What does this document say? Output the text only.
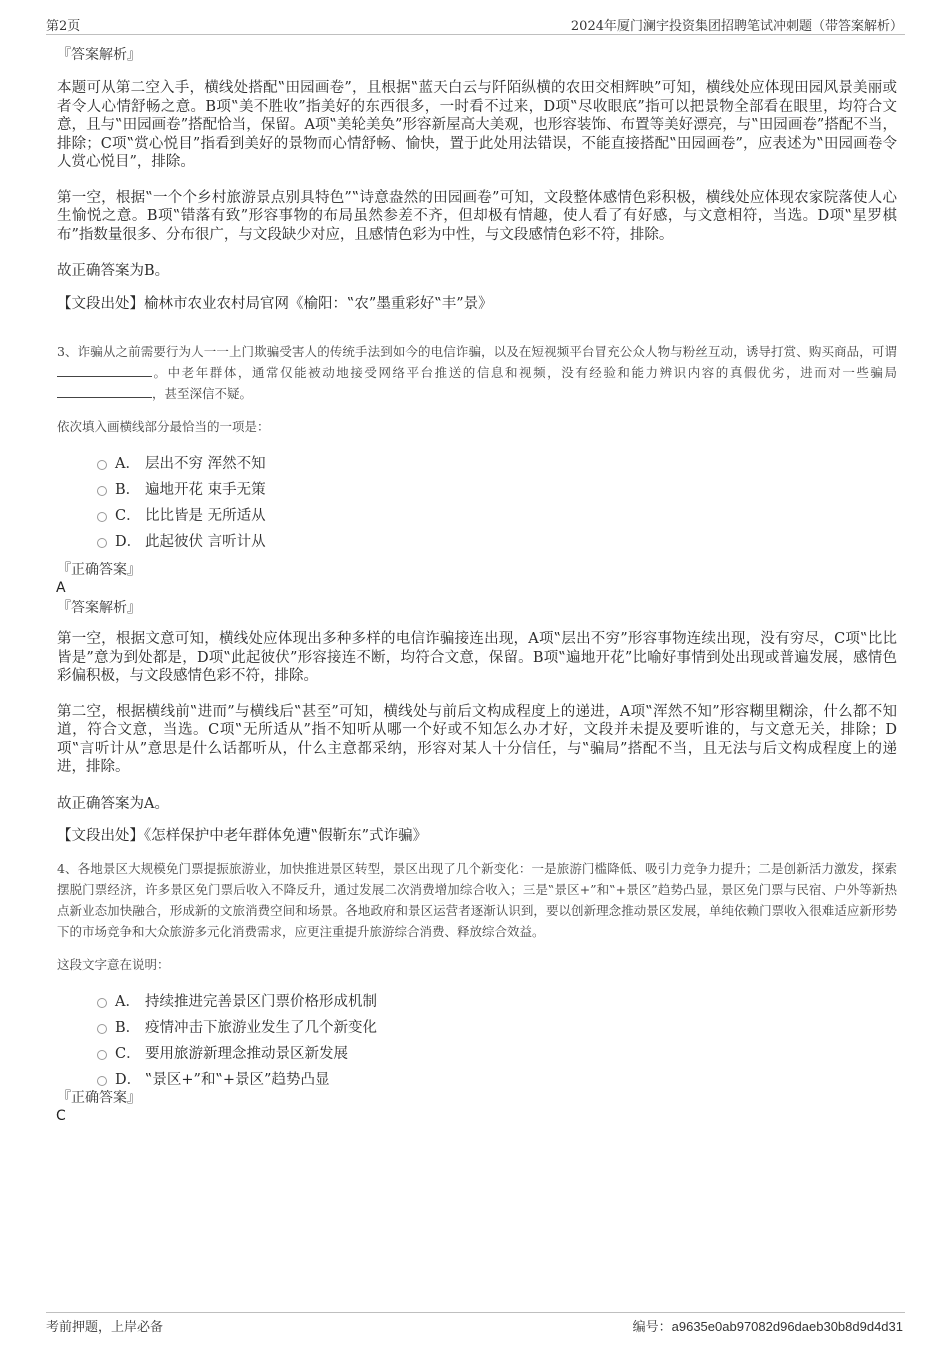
第2页	2024年厦门澜宇投资集团招聘笔试冲刺题（带答案解析）
『答案解析』

本题可从第二空入手，横线处搭配‟田园画卷”，且根据‟蓝天白云与阡陌纵横的农田交相辉映”可知，横线处应体现田园风景美丽或者令人心情舒畅之意。B项‟美不胜收”指美好的东西很多，一时看不过来，D项‟尽收眼底”指可以把景物全部看在眼里，均符合文意，且与‟田园画卷”搭配恰当，保留。A项‟美轮美奂”形容新屋高大美观，也形容装饰、布置等美好漂亮，与‟田园画卷”搭配不当，排除；C项‟赏心悦目”指看到美好的景物而心情舒畅、愉快，置于此处用法错误，不能直接搭配‟田园画卷”，应表述为‟田园画卷令人赏心悦目”，排除。

第一空，根据‟一个个乡村旅游景点别具特色”‟诗意盎然的田园画卷”可知，文段整体感情色彩积极，横线处应体现农家院落使人心生愉悦之意。B项‟错落有致”形容事物的布局虽然参差不齐，但却极有情趣，使人看了有好感，与文意相符，当选。D项‟星罗棋布”指数量很多、分布很广，与文段缺少对应，且感情色彩为中性，与文段感情色彩不符，排除。

故正确答案为B。

【文段出处】榆林市农业农村局官网《榆阳：‟农”墨重彩好‟丰”景》

3、诈骗从之前需要行为人一一上门欺骗受害人的传统手法到如今的电信诈骗，以及在短视频平台冒充公众人物与粉丝互动，诱导打赏、购买商品，可谓。中老年群体，通常仅能被动地接受网络平台推送的信息和视频，没有经验和能力辨识内容的真假优劣，进而对一些骗局，甚至深信不疑。

依次填入画横线部分最恰当的一项是：

A． 层出不穷 浑然不知
B． 遍地开花 束手无策
C． 比比皆是 无所适从
D． 此起彼伏 言听计从
『正确答案』
A
『答案解析』

第一空，根据文意可知，横线处应体现出多种多样的电信诈骗接连出现，A项‟层出不穷”形容事物连续出现，没有穷尽，C项‟比比皆是”意为到处都是，D项‟此起彼伏”形容接连不断，均符合文意，保留。B项‟遍地开花”比喻好事情到处出现或普遍发展，感情色彩偏积极，与文段感情色彩不符，排除。

第二空，根据横线前‟进而”与横线后‟甚至”可知，横线处与前后文构成程度上的递进，A项‟浑然不知”形容糊里糊涂，什么都不知道，符合文意，当选。C项‟无所适从”指不知听从哪一个好或不知怎么办才好，文段并未提及要听谁的，与文意无关，排除；D项‟言听计从”意思是什么话都听从，什么主意都采纳，形容对某人十分信任，与‟骗局”搭配不当，且无法与后文构成程度上的递进，排除。

故正确答案为A。

【文段出处】《怎样保护中老年群体免遭‟假靳东”式诈骗》

4、各地景区大规模免门票提振旅游业，加快推进景区转型，景区出现了几个新变化：一是旅游门槛降低、吸引力竞争力提升；二是创新活力激发，探索摆脱门票经济，许多景区免门票后收入不降反升，通过发展二次消费增加综合收入；三是‟景区+”和‟+景区”趋势凸显，景区免门票与民宿、户外等新热点新业态加快融合，形成新的文旅消费空间和场景。各地政府和景区运营者逐渐认识到，要以创新理念推动景区发展，单纯依赖门票收入很难适应新形势下的市场竞争和大众旅游多元化消费需求，应更注重提升旅游综合消费、释放综合效益。

这段文字意在说明：

A． 持续推进完善景区门票价格形成机制
B． 疫情冲击下旅游业发生了几个新变化
C． 要用旅游新理念推动景区新发展
D． ‟景区+”和‟+景区”趋势凸显
『正确答案』
C
考前押题，上岸必备	编号：a9635e0ab97082d96daeb30b8d9d4d31
